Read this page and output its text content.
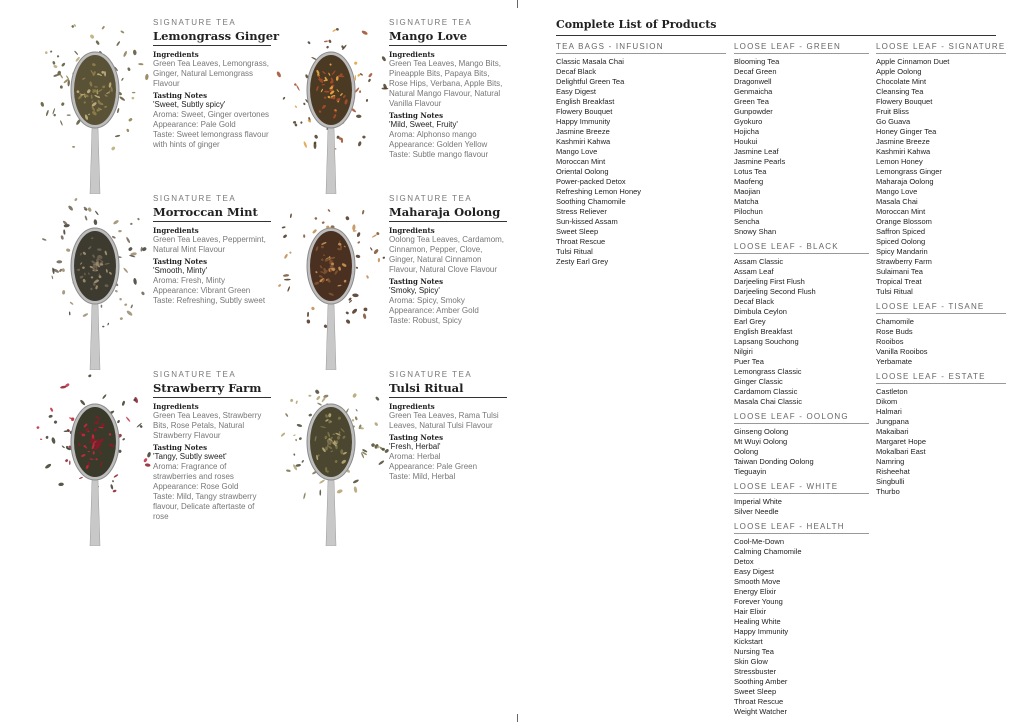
SIGNATURE TEA
Lemongrass Ginger
Ingredients
Green Tea Leaves, Lemongrass, Ginger, Natural Lemongrass Flavour
Tasting Notes
'Sweet, Subtly spicy'
Aroma: Sweet, Ginger overtones
Appearance: Pale Gold
Taste: Sweet lemongrass flavour with hints of ginger
SIGNATURE TEA
Mango Love
Ingredients
Green Tea Leaves, Mango Bits, Pineapple Bits, Papaya Bits, Rose Hips, Verbana, Apple Bits, Natural Mango Flavour, Natural Vanilla Flavour
Tasting Notes
'Mild, Sweet, Fruity'
Aroma: Alphonso mango
Appearance: Golden Yellow
Taste: Subtle mango flavour
SIGNATURE TEA
Morroccan Mint
Ingredients
Green Tea Leaves, Peppermint, Natural Mint Flavour
Tasting Notes
'Smooth, Minty'
Aroma: Fresh, Minty
Appearance: Vibrant Green
Taste: Refreshing, Subtly sweet
SIGNATURE TEA
Maharaja Oolong
Ingredients
Oolong Tea Leaves, Cardamom, Cinnamon, Pepper, Clove, Ginger, Natural Cinnamon Flavour, Natural Clove Flavour
Tasting Notes
'Smoky, Spicy'
Aroma: Spicy, Smoky
Appearance: Amber Gold
Taste: Robust, Spicy
SIGNATURE TEA
Strawberry Farm
Ingredients
Green Tea Leaves, Strawberry Bits, Rose Petals, Natural Strawberry Flavour
Tasting Notes
'Tangy, Subtly sweet'
Aroma: Fragrance of strawberries and roses
Appearance: Rose Gold
Taste: Mild, Tangy strawberry flavour, Delicate aftertaste of rose
SIGNATURE TEA
Tulsi Ritual
Ingredients
Green Tea Leaves, Rama Tulsi Leaves, Natural Tulsi Flavour
Tasting Notes
'Fresh, Herbal'
Aroma: Herbal
Appearance: Pale Green
Taste: Mild, Herbal
Complete List of Products
TEA BAGS - INFUSION
Classic Masala Chai
Decaf Black
Delightful Green Tea
Easy Digest
English Breakfast
Flowery Bouquet
Happy Immunity
Jasmine Breeze
Kashmiri Kahwa
Mango Love
Moroccan Mint
Oriental Oolong
Power-packed Detox
Refreshing Lemon Honey
Soothing Chamomile
Stress Reliever
Sun-kissed Assam
Sweet Sleep
Throat Rescue
Tulsi Ritual
Zesty Earl Grey
LOOSE LEAF - GREEN
Blooming Tea
Decaf Green
Dragonwell
Genmaicha
Green Tea
Gunpowder
Gyokuro
Hojicha
Houkui
Jasmine Leaf
Jasmine Pearls
Lotus Tea
Maofeng
Maojian
Matcha
Pilochun
Sencha
Snowy Shan
LOOSE LEAF - BLACK
Assam Classic
Assam Leaf
Darjeeling First Flush
Darjeeling Second Flush
Decaf Black
Dimbula Ceylon
Earl Grey
English Breakfast
Lapsang Souchong
Nilgiri
Puer Tea
Lemongrass Classic
Ginger Classic
Cardamom Classic
Masala Chai Classic
LOOSE LEAF - OOLONG
Ginseng Oolong
Mt Wuyi Oolong
Oolong
Taiwan Donding Oolong
Tieguayin
LOOSE LEAF - WHITE
Imperial White
Silver Needle
LOOSE LEAF - HEALTH
Cool-Me-Down
Calming Chamomile
Detox
Easy Digest
Smooth Move
Energy Elixir
Forever Young
Hair Elixir
Healing White
Happy Immunity
Kickstart
Nursing Tea
Skin Glow
Stressbuster
Soothing Amber
Sweet Sleep
Throat Rescue
Weight Watcher
LOOSE LEAF - SIGNATURE
Apple Cinnamon Duet
Apple Oolong
Chocolate Mint
Cleansing Tea
Flowery Bouquet
Fruit Bliss
Go Guava
Honey Ginger Tea
Jasmine Breeze
Kashmiri Kahwa
Lemon Honey
Lemongrass Ginger
Maharaja Oolong
Mango Love
Masala Chai
Moroccan Mint
Orange Blossom
Saffron Spiced
Spiced Oolong
Spicy Mandarin
Strawberry Farm
Sulaimani Tea
Tropical Treat
Tulsi Ritual
LOOSE LEAF - TISANE
Chamomile
Rose Buds
Rooibos
Vanilla Rooibos
Yerbamate
LOOSE LEAF - ESTATE
Castleton
Dikom
Halmari
Jungpana
Makaibari
Margaret Hope
Mokalbari East
Namring
Risheehat
Singbulli
Thurbo
